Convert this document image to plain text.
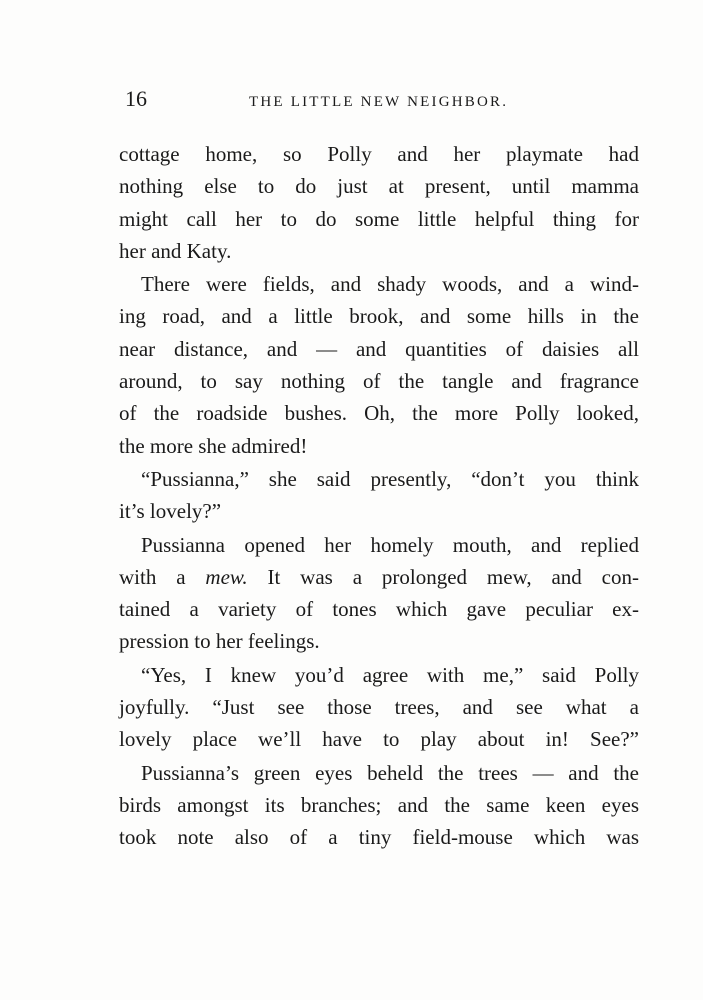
16	THE LITTLE NEW NEIGHBOR.
cottage home, so Polly and her playmate had
nothing else to do just at present, until mamma
might call her to do some little helpful thing for
her and Katy.
There were fields, and shady woods, and a wind-
ing road, and a little brook, and some hills in the
near distance, and — and quantities of daisies all
around, to say nothing of the tangle and fragrance
of the roadside bushes. Oh, the more Polly looked,
the more she admired!
“Pussianna,” she said presently, “don’t you think
it’s lovely?”
Pussianna opened her homely mouth, and replied
with a mew. It was a prolonged mew, and con-
tained a variety of tones which gave peculiar ex-
pression to her feelings.
“Yes, I knew you’d agree with me,” said Polly
joyfully. “Just see those trees, and see what a
lovely place we’ll have to play about in! See?”
Pussianna’s green eyes beheld the trees — and the
birds amongst its branches; and the same keen eyes
took note also of a tiny field-mouse which was
